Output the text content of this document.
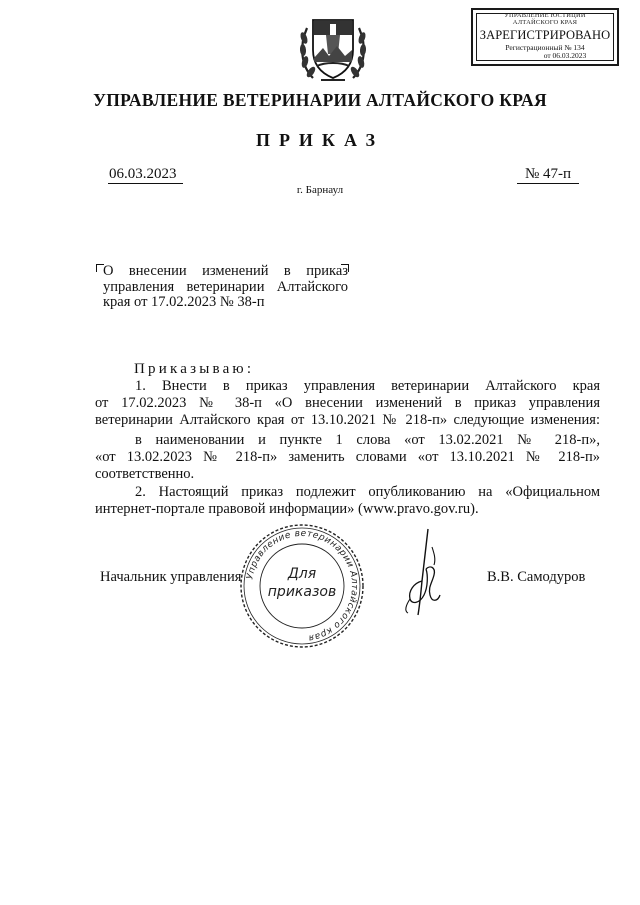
УПРАВЛЕНИЕ ЮСТИЦИИ
АЛТАЙСКОГО КРАЯ
ЗАРЕГИСТРИРОВАНО
Регистрационный № 134
от 06.03.2023
УПРАВЛЕНИЕ ВЕТЕРИНАРИИ АЛТАЙСКОГО КРАЯ
ПРИКАЗ
06.03.2023	№ 47-п
г. Барнаул
О внесении изменений в приказ
управления ветеринарии Алтайского
края от 17.02.2023 № 38-п
Приказываю:
1. Внести в приказ управления ветеринарии Алтайского края
от 17.02.2023 № 38-п «О внесении изменений в приказ управления
ветеринарии Алтайского края от 13.10.2021 № 218-п» следующие изменения:
в наименовании и пункте 1 слова «от 13.02.2021 № 218-п»,
«от 13.02.2023 № 218-п» заменить словами «от 13.10.2021 № 218-п»
соответственно.
2. Настоящий приказ подлежит опубликованию на «Официальном
интернет-портале правовой информации» (www.pravo.gov.ru).
Управление ветеринарии Алтайского края
Для
приказов
Начальник управления	В.В. Самодуров
